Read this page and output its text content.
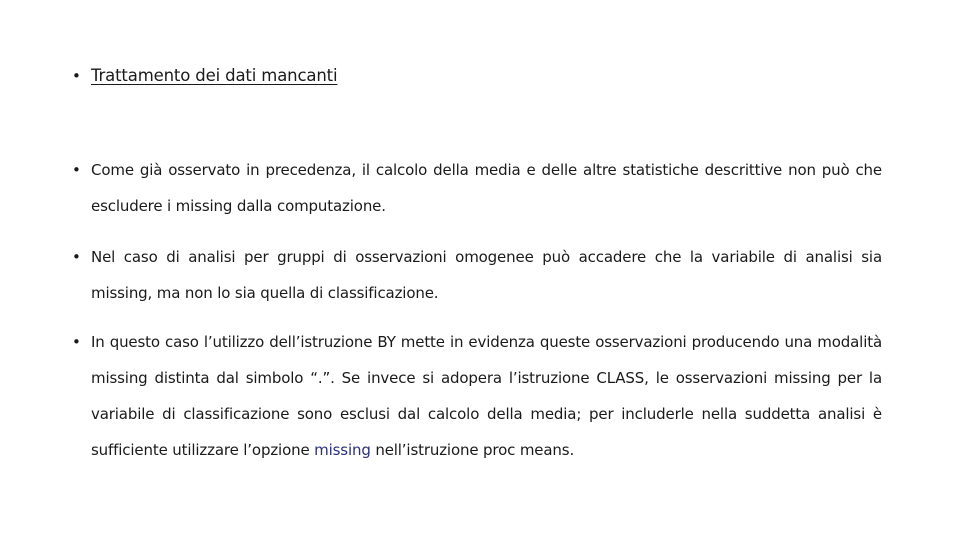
• Trattamento dei dati mancanti
• Come già osservato in precedenza, il calcolo della media e delle altre statistiche descrittive non può che escludere i missing dalla computazione.
• Nel caso di analisi per gruppi di osservazioni omogenee può accadere che la variabile di analisi sia missing, ma non lo sia quella di classificazione.
• In questo caso l’utilizzo dell’istruzione BY mette in evidenza queste osservazioni producendo una modalità missing distinta dal simbolo “.”. Se invece si adopera l’istruzione CLASS, le osservazioni missing per la variabile di classificazione sono esclusi dal calcolo della media; per includerle nella suddetta analisi è sufficiente utilizzare l’opzione missing nell’istruzione proc means.
